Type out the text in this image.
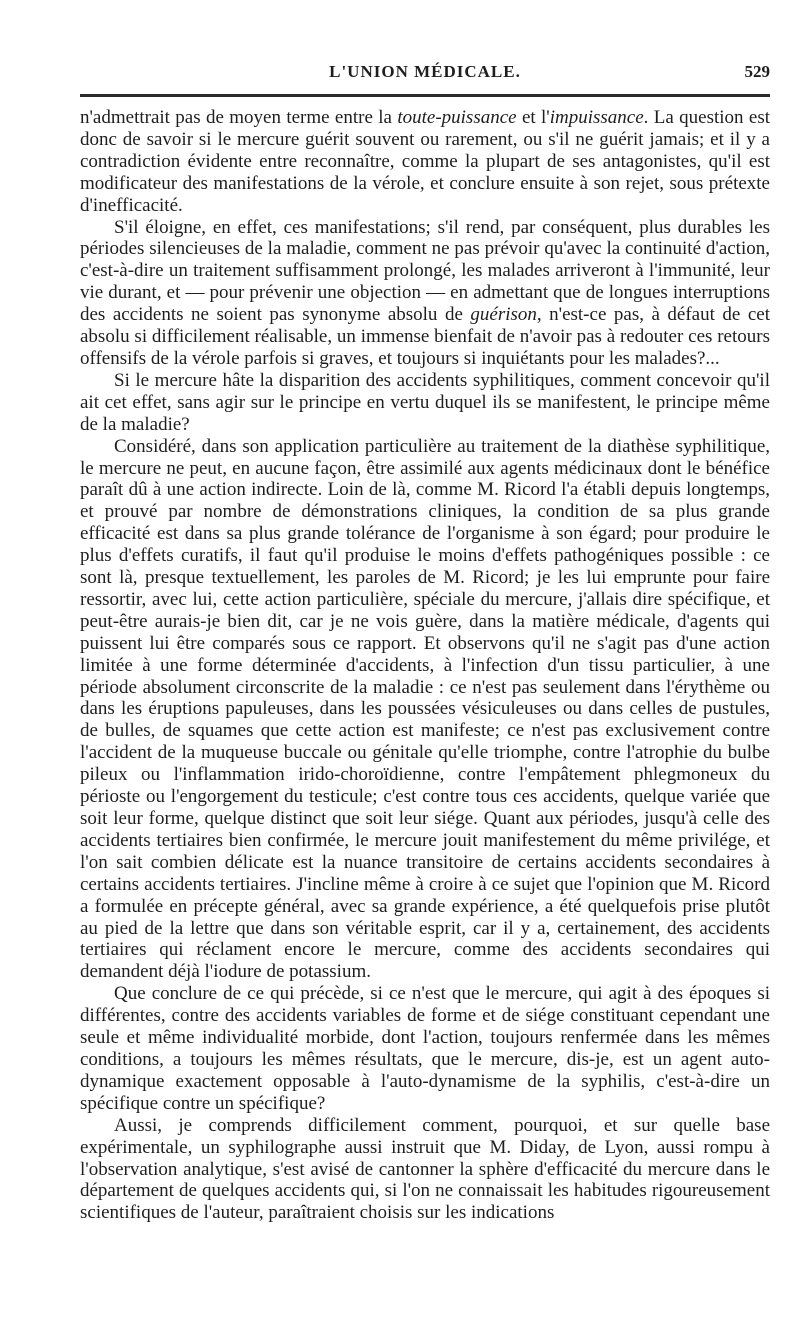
L'UNION MÉDICALE.	529

n'admettrait pas de moyen terme entre la toute-puissance et l'impuissance. La question est donc de savoir si le mercure guérit souvent ou rarement, ou s'il ne guérit jamais; et il y a contradiction évidente entre reconnaître, comme la plupart de ses antagonistes, qu'il est modificateur des manifestations de la vérole, et conclure ensuite à son rejet, sous prétexte d'inefficacité.

S'il éloigne, en effet, ces manifestations; s'il rend, par conséquent, plus durables les périodes silencieuses de la maladie, comment ne pas prévoir qu'avec la continuité d'action, c'est-à-dire un traitement suffisamment prolongé, les malades arriveront à l'immunité, leur vie durant, et — pour prévenir une objection — en admettant que de longues interruptions des accidents ne soient pas synonyme absolu de guérison, n'est-ce pas, à défaut de cet absolu si difficilement réalisable, un immense bienfait de n'avoir pas à redouter ces retours offensifs de la vérole parfois si graves, et toujours si inquiétants pour les malades?...

Si le mercure hâte la disparition des accidents syphilitiques, comment concevoir qu'il ait cet effet, sans agir sur le principe en vertu duquel ils se manifestent, le principe même de la maladie?

Considéré, dans son application particulière au traitement de la diathèse syphilitique, le mercure ne peut, en aucune façon, être assimilé aux agents médicinaux dont le bénéfice paraît dû à une action indirecte. Loin de là, comme M. Ricord l'a établi depuis longtemps, et prouvé par nombre de démonstrations cliniques, la condition de sa plus grande efficacité est dans sa plus grande tolérance de l'organisme à son égard; pour produire le plus d'effets curatifs, il faut qu'il produise le moins d'effets pathogéniques possible : ce sont là, presque textuellement, les paroles de M. Ricord; je les lui emprunte pour faire ressortir, avec lui, cette action particulière, spéciale du mercure, j'allais dire spécifique, et peut-être aurais-je bien dit, car je ne vois guère, dans la matière médicale, d'agents qui puissent lui être comparés sous ce rapport. Et observons qu'il ne s'agit pas d'une action limitée à une forme déterminée d'accidents, à l'infection d'un tissu particulier, à une période absolument circonscrite de la maladie : ce n'est pas seulement dans l'érythème ou dans les éruptions papuleuses, dans les poussées vésiculeuses ou dans celles de pustules, de bulles, de squames que cette action est manifeste; ce n'est pas exclusivement contre l'accident de la muqueuse buccale ou génitale qu'elle triomphe, contre l'atrophie du bulbe pileux ou l'inflammation irido-choroïdienne, contre l'empâtement phlegmoneux du périoste ou l'engorgement du testicule; c'est contre tous ces accidents, quelque variée que soit leur forme, quelque distinct que soit leur siége. Quant aux périodes, jusqu'à celle des accidents tertiaires bien confirmée, le mercure jouit manifestement du même privilége, et l'on sait combien délicate est la nuance transitoire de certains accidents secondaires à certains accidents tertiaires. J'incline même à croire à ce sujet que l'opinion que M. Ricord a formulée en précepte général, avec sa grande expérience, a été quelquefois prise plutôt au pied de la lettre que dans son véritable esprit, car il y a, certainement, des accidents tertiaires qui réclament encore le mercure, comme des accidents secondaires qui demandent déjà l'iodure de potassium.

Que conclure de ce qui précède, si ce n'est que le mercure, qui agit à des époques si différentes, contre des accidents variables de forme et de siége constituant cependant une seule et même individualité morbide, dont l'action, toujours renfermée dans les mêmes conditions, a toujours les mêmes résultats, que le mercure, dis-je, est un agent auto-dynamique exactement opposable à l'auto-dynamisme de la syphilis, c'est-à-dire un spécifique contre un spécifique?

Aussi, je comprends difficilement comment, pourquoi, et sur quelle base expérimentale, un syphilographe aussi instruit que M. Diday, de Lyon, aussi rompu à l'observation analytique, s'est avisé de cantonner la sphère d'efficacité du mercure dans le département de quelques accidents qui, si l'on ne connaissait les habitudes rigoureusement scientifiques de l'auteur, paraîtraient choisis sur les indications
